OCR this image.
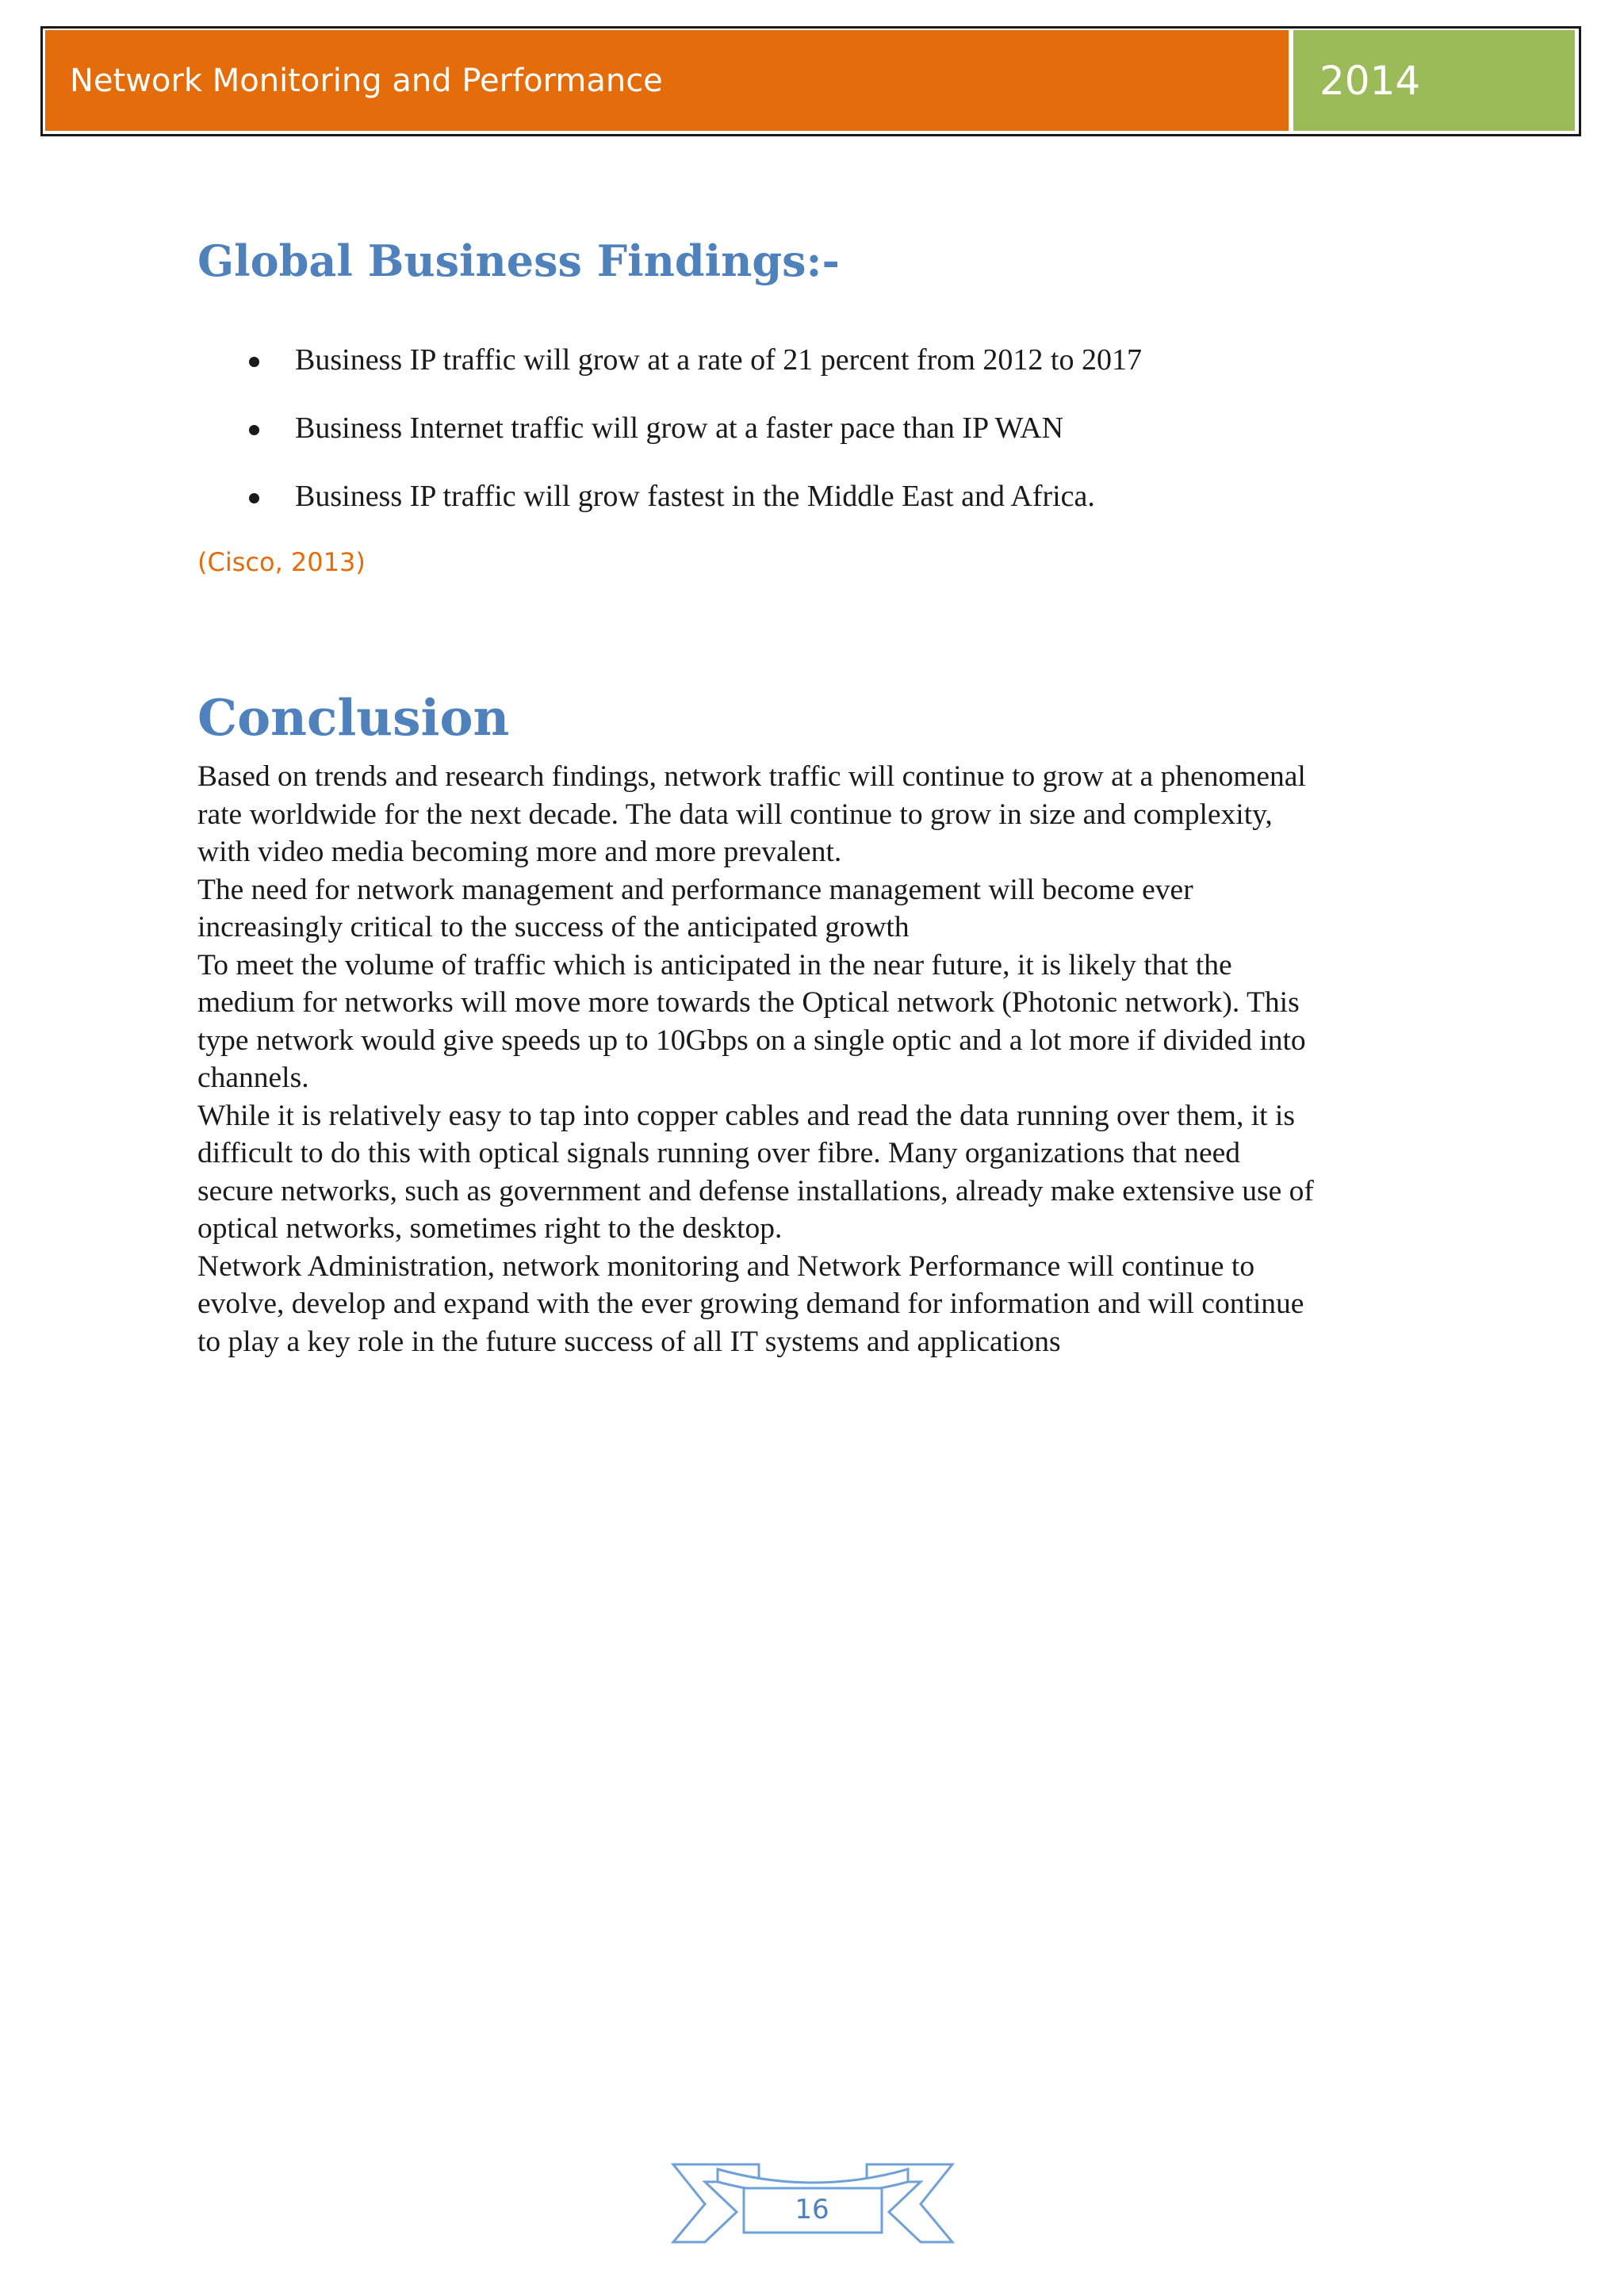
Network Monitoring and Performance	2014
Global Business Findings:-
Business IP traffic will grow at a rate of 21 percent from 2012 to 2017
Business Internet traffic will grow at a faster pace than IP WAN
Business IP traffic will grow fastest in the Middle East and Africa.
(Cisco, 2013)
Conclusion
Based on trends and research findings, network traffic will continue to grow at a phenomenal
rate worldwide for the next decade. The data will continue to grow in size and complexity,
with video media becoming more and more prevalent.
The need for network management and performance management will become ever
increasingly critical to the success of the anticipated growth
To meet the volume of traffic which is anticipated in the near future, it is likely that the
medium for networks will move more towards the Optical network (Photonic network). This
type network would give speeds up to 10Gbps on a single optic and a lot more if divided into
channels.
While it is relatively easy to tap into copper cables and read the data running over them, it is
difficult to do this with optical signals running over fibre. Many organizations that need
secure networks, such as government and defense installations, already make extensive use of
optical networks, sometimes right to the desktop.
Network Administration, network monitoring and Network Performance will continue to
evolve, develop and expand with the ever growing demand for information and will continue
to play a key role in the future success of all IT systems and applications
16
